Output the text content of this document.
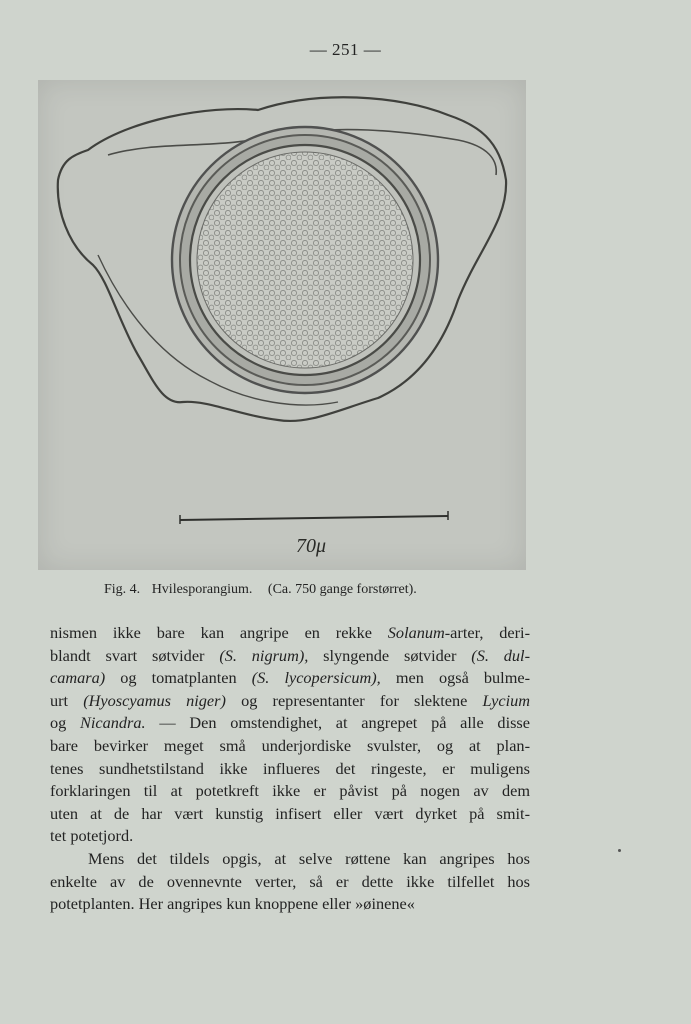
— 251 —
70μ
Fig. 4. Hvilesporangium. (Ca. 750 gange forstørret).
nismen ikke bare kan angripe en rekke Solanum-arter, deri-
blandt svart søtvider (S. nigrum), slyngende søtvider (S. dul-
camara) og tomatplanten (S. lycopersicum), men også bulme-
urt (Hyoscyamus niger) og representanter for slektene Lycium
og Nicandra. — Den omstendighet, at angrepet på alle disse
bare bevirker meget små underjordiske svulster, og at plan-
tenes sundhetstilstand ikke influeres det ringeste, er muligens
forklaringen til at potetkreft ikke er påvist på nogen av dem
uten at de har vært kunstig infisert eller vært dyrket på smit-
tet potetjord.
Mens det tildels opgis, at selve røttene kan angripes hos
enkelte av de ovennevnte verter, så er dette ikke tilfellet hos
potetplanten. Her angripes kun knoppene eller »øinene«
